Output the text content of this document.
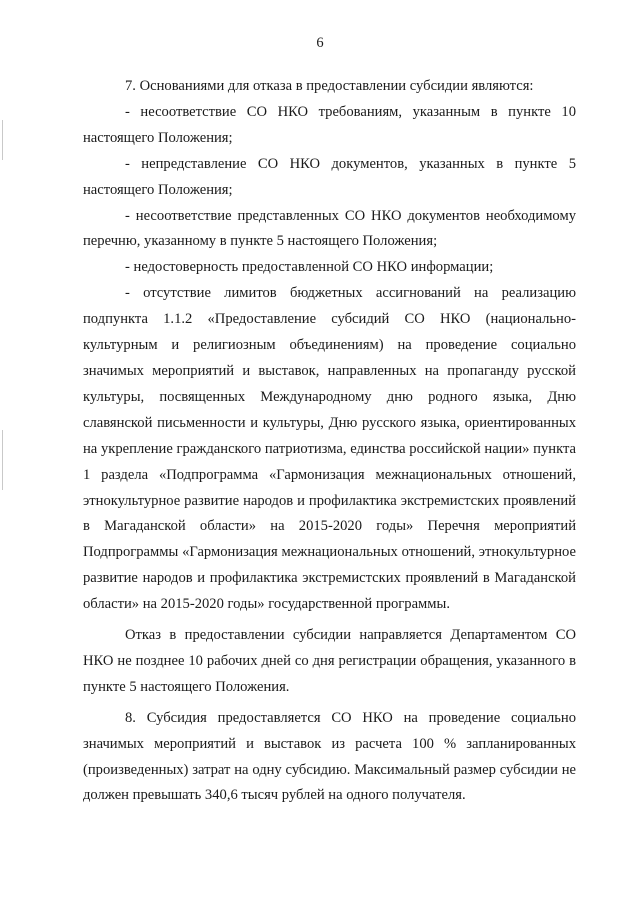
6

7. Основаниями для отказа в предоставлении субсидии являются:

- несоответствие СО НКО требованиям, указанным в пункте 10 настоящего Положения;

- непредставление СО НКО документов, указанных в пункте 5 настоящего Положения;

- несоответствие представленных СО НКО документов необходимому перечню, указанному в пункте 5 настоящего Положения;

- недостоверность предоставленной СО НКО информации;

- отсутствие лимитов бюджетных ассигнований на реализацию подпункта 1.1.2 «Предоставление субсидий СО НКО (национально-культурным и религиозным объединениям) на проведение социально значимых мероприятий и выставок, направленных на пропаганду русской культуры, посвященных Международному дню родного языка, Дню славянской письменности и культуры, Дню русского языка, ориентированных на укрепление гражданского патриотизма, единства российской нации» пункта 1 раздела «Подпрограмма «Гармонизация межнациональных отношений, этнокультурное развитие народов и профилактика экстремистских проявлений в Магаданской области» на 2015-2020 годы» Перечня мероприятий Подпрограммы «Гармонизация межнациональных отношений, этнокультурное развитие народов и профилактика экстремистских проявлений в Магаданской области» на 2015-2020 годы» государственной программы.

Отказ в предоставлении субсидии направляется Департаментом СО НКО не позднее 10 рабочих дней со дня регистрации обращения, указанного в пункте 5 настоящего Положения.

8. Субсидия предоставляется СО НКО на проведение социально значимых мероприятий и выставок из расчета 100 % запланированных (произведенных) затрат на одну субсидию. Максимальный размер субсидии не должен превышать 340,6 тысяч рублей на одного получателя.
